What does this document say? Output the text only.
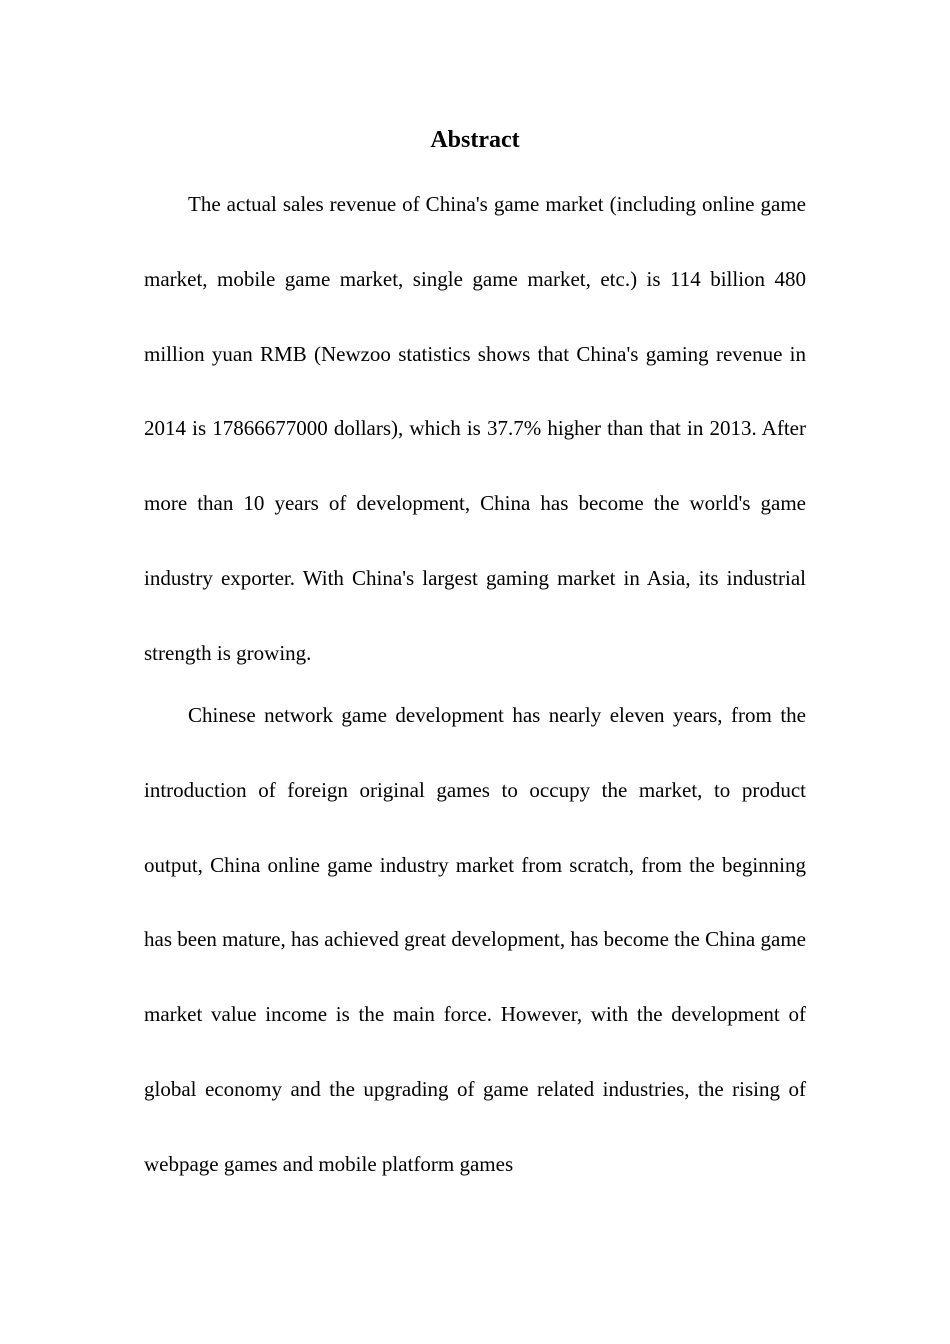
Abstract

The actual sales revenue of China's game market (including online game market, mobile game market, single game market, etc.) is 114 billion 480 million yuan RMB (Newzoo statistics shows that China's gaming revenue in 2014 is 17866677000 dollars), which is 37.7% higher than that in 2013. After more than 10 years of development, China has become the world's game industry exporter. With China's largest gaming market in Asia, its industrial strength is growing.

Chinese network game development has nearly eleven years, from the introduction of foreign original games to occupy the market, to product output, China online game industry market from scratch, from the beginning has been mature, has achieved great development, has become the China game market value income is the main force. However, with the development of global economy and the upgrading of game related industries, the rising of webpage games and mobile platform games
